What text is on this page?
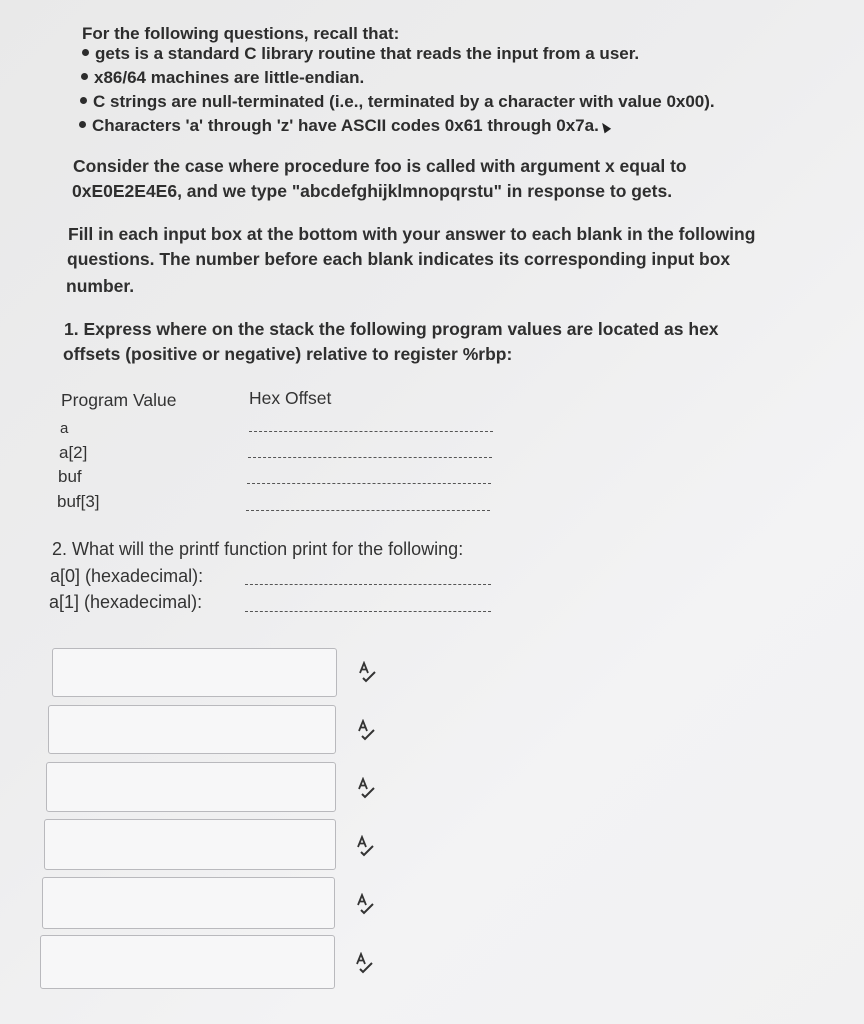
For the following questions, recall that:
gets is a standard C library routine that reads the input from a user.
x86/64 machines are little-endian.
C strings are null-terminated (i.e., terminated by a character with value 0x00).
Characters 'a' through 'z' have ASCII codes 0x61 through 0x7a.
Consider the case where procedure foo is called with argument x equal to
0xE0E2E4E6, and we type "abcdefghijklmnopqrstu" in response to gets.
Fill in each input box at the bottom with your answer to each blank in the following
questions. The number before each blank indicates its corresponding input box
number.
1. Express where on the stack the following program values are located as hex
offsets (positive or negative) relative to register %rbp:
Program Value	Hex Offset
a
a[2]
buf
buf[3]
2. What will the printf function print for the following:
a[0] (hexadecimal):
a[1] (hexadecimal):
